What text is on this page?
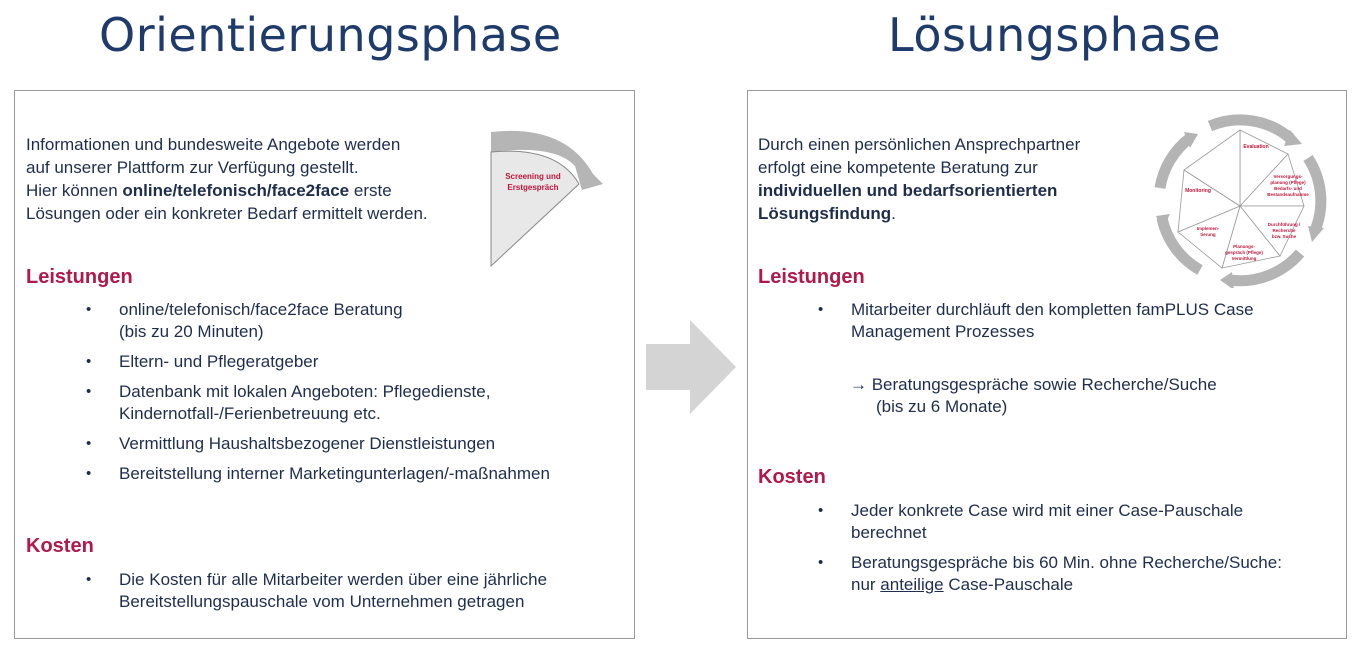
Orientierungsphase	Lösungsphase
Informationen und bundesweite Angebote werden
auf unserer Plattform zur Verfügung gestellt.
Hier können online/telefonisch/face2face erste
Lösungen oder ein konkreter Bedarf ermittelt werden.
Screening und
Erstgespräch
Leistungen
• online/telefonisch/face2face Beratung
(bis zu 20 Minuten)
• Eltern- und Pflegeratgeber
• Datenbank mit lokalen Angeboten: Pflegedienste,
Kindernotfall-/Ferienbetreuung etc.
• Vermittlung Haushaltsbezogener Dienstleistungen
• Bereitstellung interner Marketingunterlagen/-maßnahmen
Kosten
• Die Kosten für alle Mitarbeiter werden über eine jährliche
Bereitstellungspauschale vom Unternehmen getragen
Durch einen persönlichen Ansprechpartner
erfolgt eine kompetente Beratung zur
individuellen und bedarfsorientierten
Lösungsfindung.
Evaluation
Versorgungs-
planung (Pflege)
Bedarfs- und
Bestandsaufnahme
Durchführung /
Recherche
bzw. Suche
Planungs-
gespräch (Pflege)
Vermittlung
Implemen-
tierung
Monitoring
Leistungen
• Mitarbeiter durchläuft den kompletten famPLUS Case
Management Prozesses
→ Beratungsgespräche sowie Recherche/Suche
(bis zu 6 Monate)
Kosten
• Jeder konkrete Case wird mit einer Case-Pauschale
berechnet
• Beratungsgespräche bis 60 Min. ohne Recherche/Suche:
nur anteilige Case-Pauschale
